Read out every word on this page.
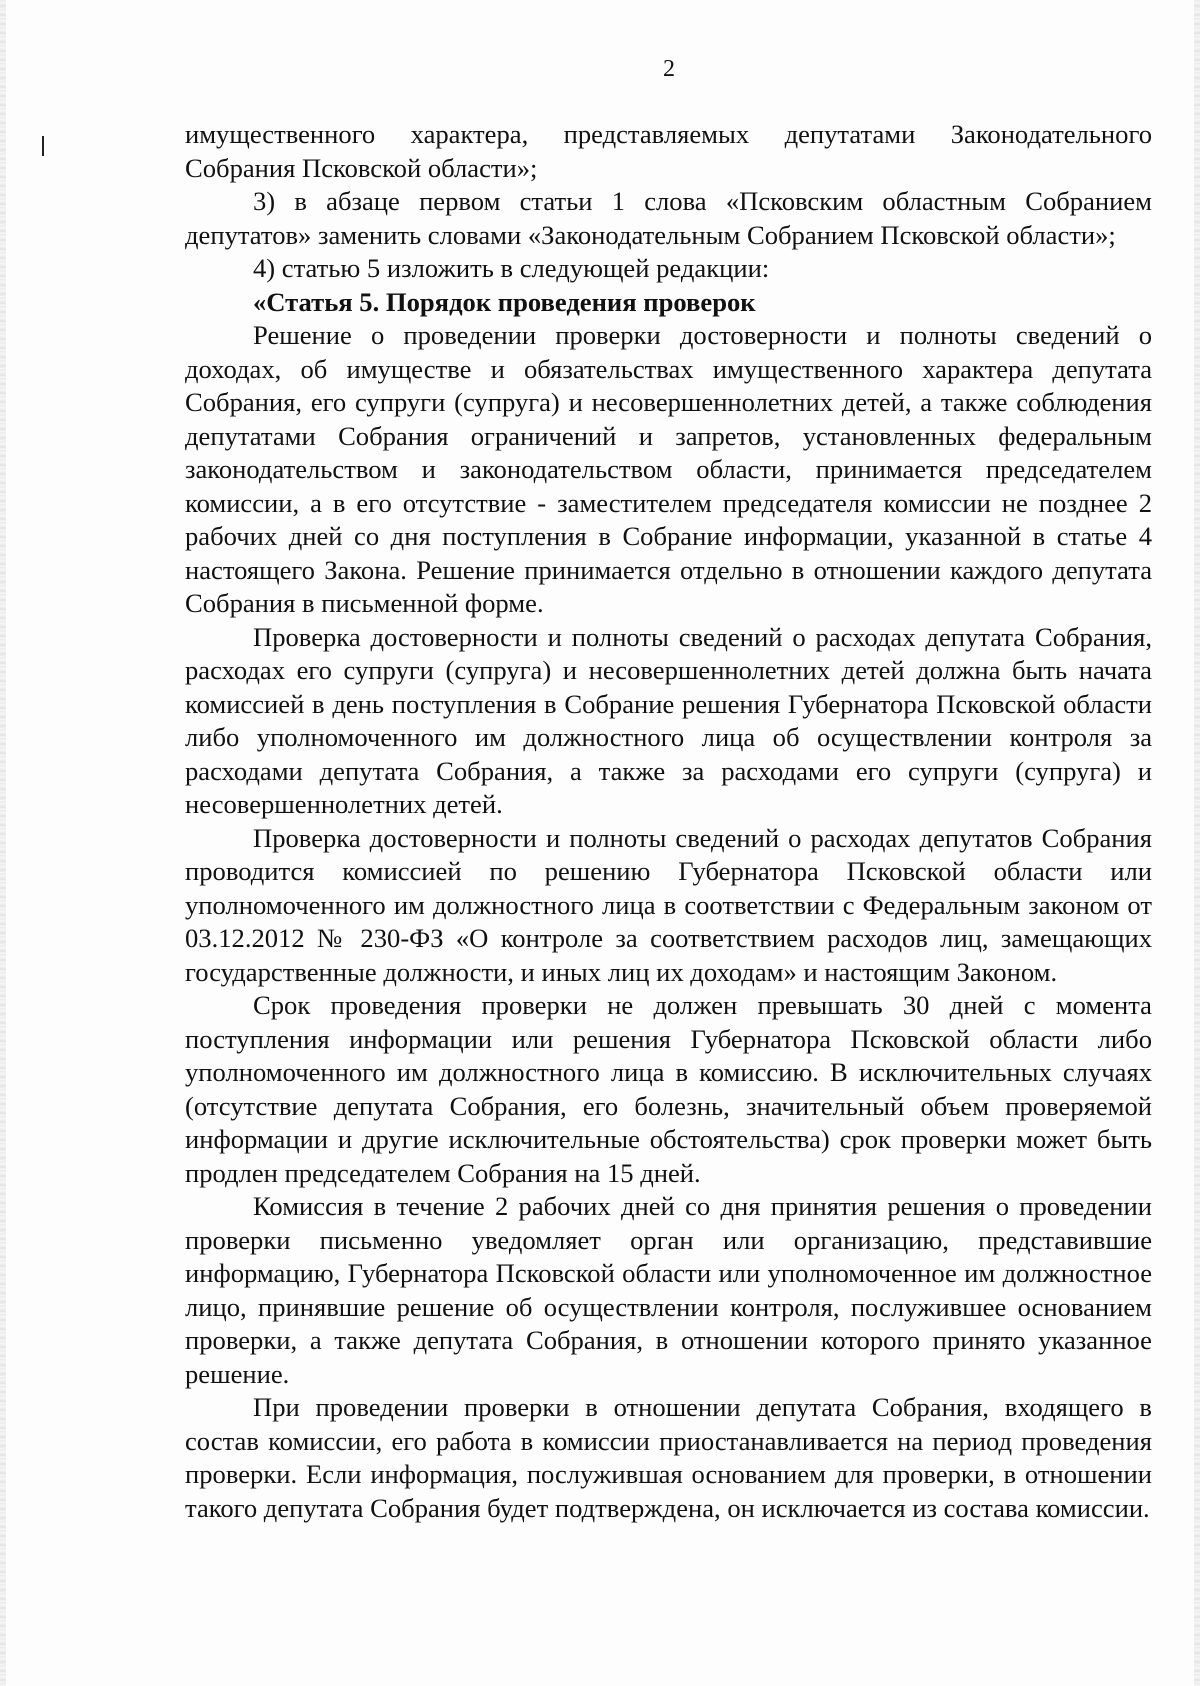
2

имущественного характера, представляемых депутатами Законодательного Собрания Псковской области»;

3) в абзаце первом статьи 1 слова «Псковским областным Собранием депутатов» заменить словами «Законодательным Собранием Псковской области»;

4) статью 5 изложить в следующей редакции:

«Статья 5. Порядок проведения проверок

Решение о проведении проверки достоверности и полноты сведений о доходах, об имуществе и обязательствах имущественного характера депутата Собрания, его супруги (супруга) и несовершеннолетних детей, а также соблюдения депутатами Собрания ограничений и запретов, установленных федеральным законодательством и законодательством области, принимается председателем комиссии, а в его отсутствие - заместителем председателя комиссии не позднее 2 рабочих дней со дня поступления в Собрание информации, указанной в статье 4 настоящего Закона. Решение принимается отдельно в отношении каждого депутата Собрания в письменной форме.

Проверка достоверности и полноты сведений о расходах депутата Собрания, расходах его супруги (супруга) и несовершеннолетних детей должна быть начата комиссией в день поступления в Собрание решения Губернатора Псковской области либо уполномоченного им должностного лица об осуществлении контроля за расходами депутата Собрания, а также за расходами его супруги (супруга) и несовершеннолетних детей.

Проверка достоверности и полноты сведений о расходах депутатов Собрания проводится комиссией по решению Губернатора Псковской области или уполномоченного им должностного лица в соответствии с Федеральным законом от 03.12.2012 № 230-ФЗ «О контроле за соответствием расходов лиц, замещающих государственные должности, и иных лиц их доходам» и настоящим Законом.

Срок проведения проверки не должен превышать 30 дней с момента поступления информации или решения Губернатора Псковской области либо уполномоченного им должностного лица в комиссию. В исключительных случаях (отсутствие депутата Собрания, его болезнь, значительный объем проверяемой информации и другие исключительные обстоятельства) срок проверки может быть продлен председателем Собрания на 15 дней.

Комиссия в течение 2 рабочих дней со дня принятия решения о проведении проверки письменно уведомляет орган или организацию, представившие информацию, Губернатора Псковской области или уполномоченное им должностное лицо, принявшие решение об осуществлении контроля, послужившее основанием проверки, а также депутата Собрания, в отношении которого принято указанное решение.

При проведении проверки в отношении депутата Собрания, входящего в состав комиссии, его работа в комиссии приостанавливается на период проведения проверки. Если информация, послужившая основанием для проверки, в отношении такого депутата Собрания будет подтверждена, он исключается из состава комиссии.
